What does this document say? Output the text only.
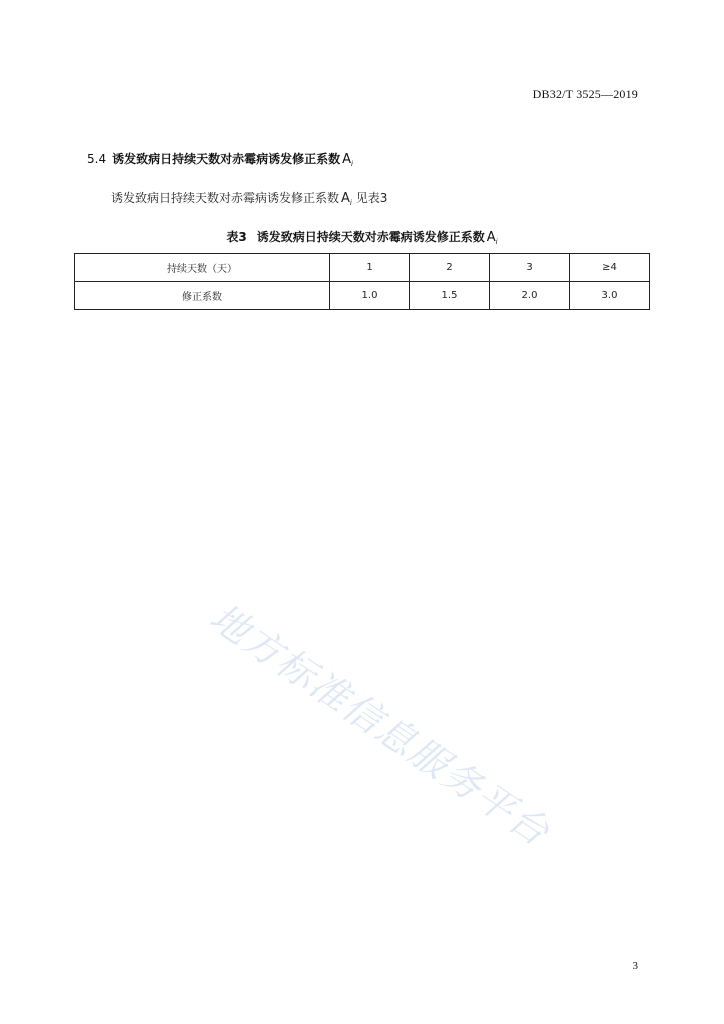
DB32/T 3525—2019
5.4 诱发致病日持续天数对赤霉病诱发修正系数 $A_i$
诱发致病日持续天数对赤霉病诱发修正系数 $A_i$ 见表3
表3 诱发致病日持续天数对赤霉病诱发修正系数 $A_i$
持续天数（天）	1	2	3	≥4
修正系数	1.0	1.5	2.0	3.0
地方标准信息服务平台
3
